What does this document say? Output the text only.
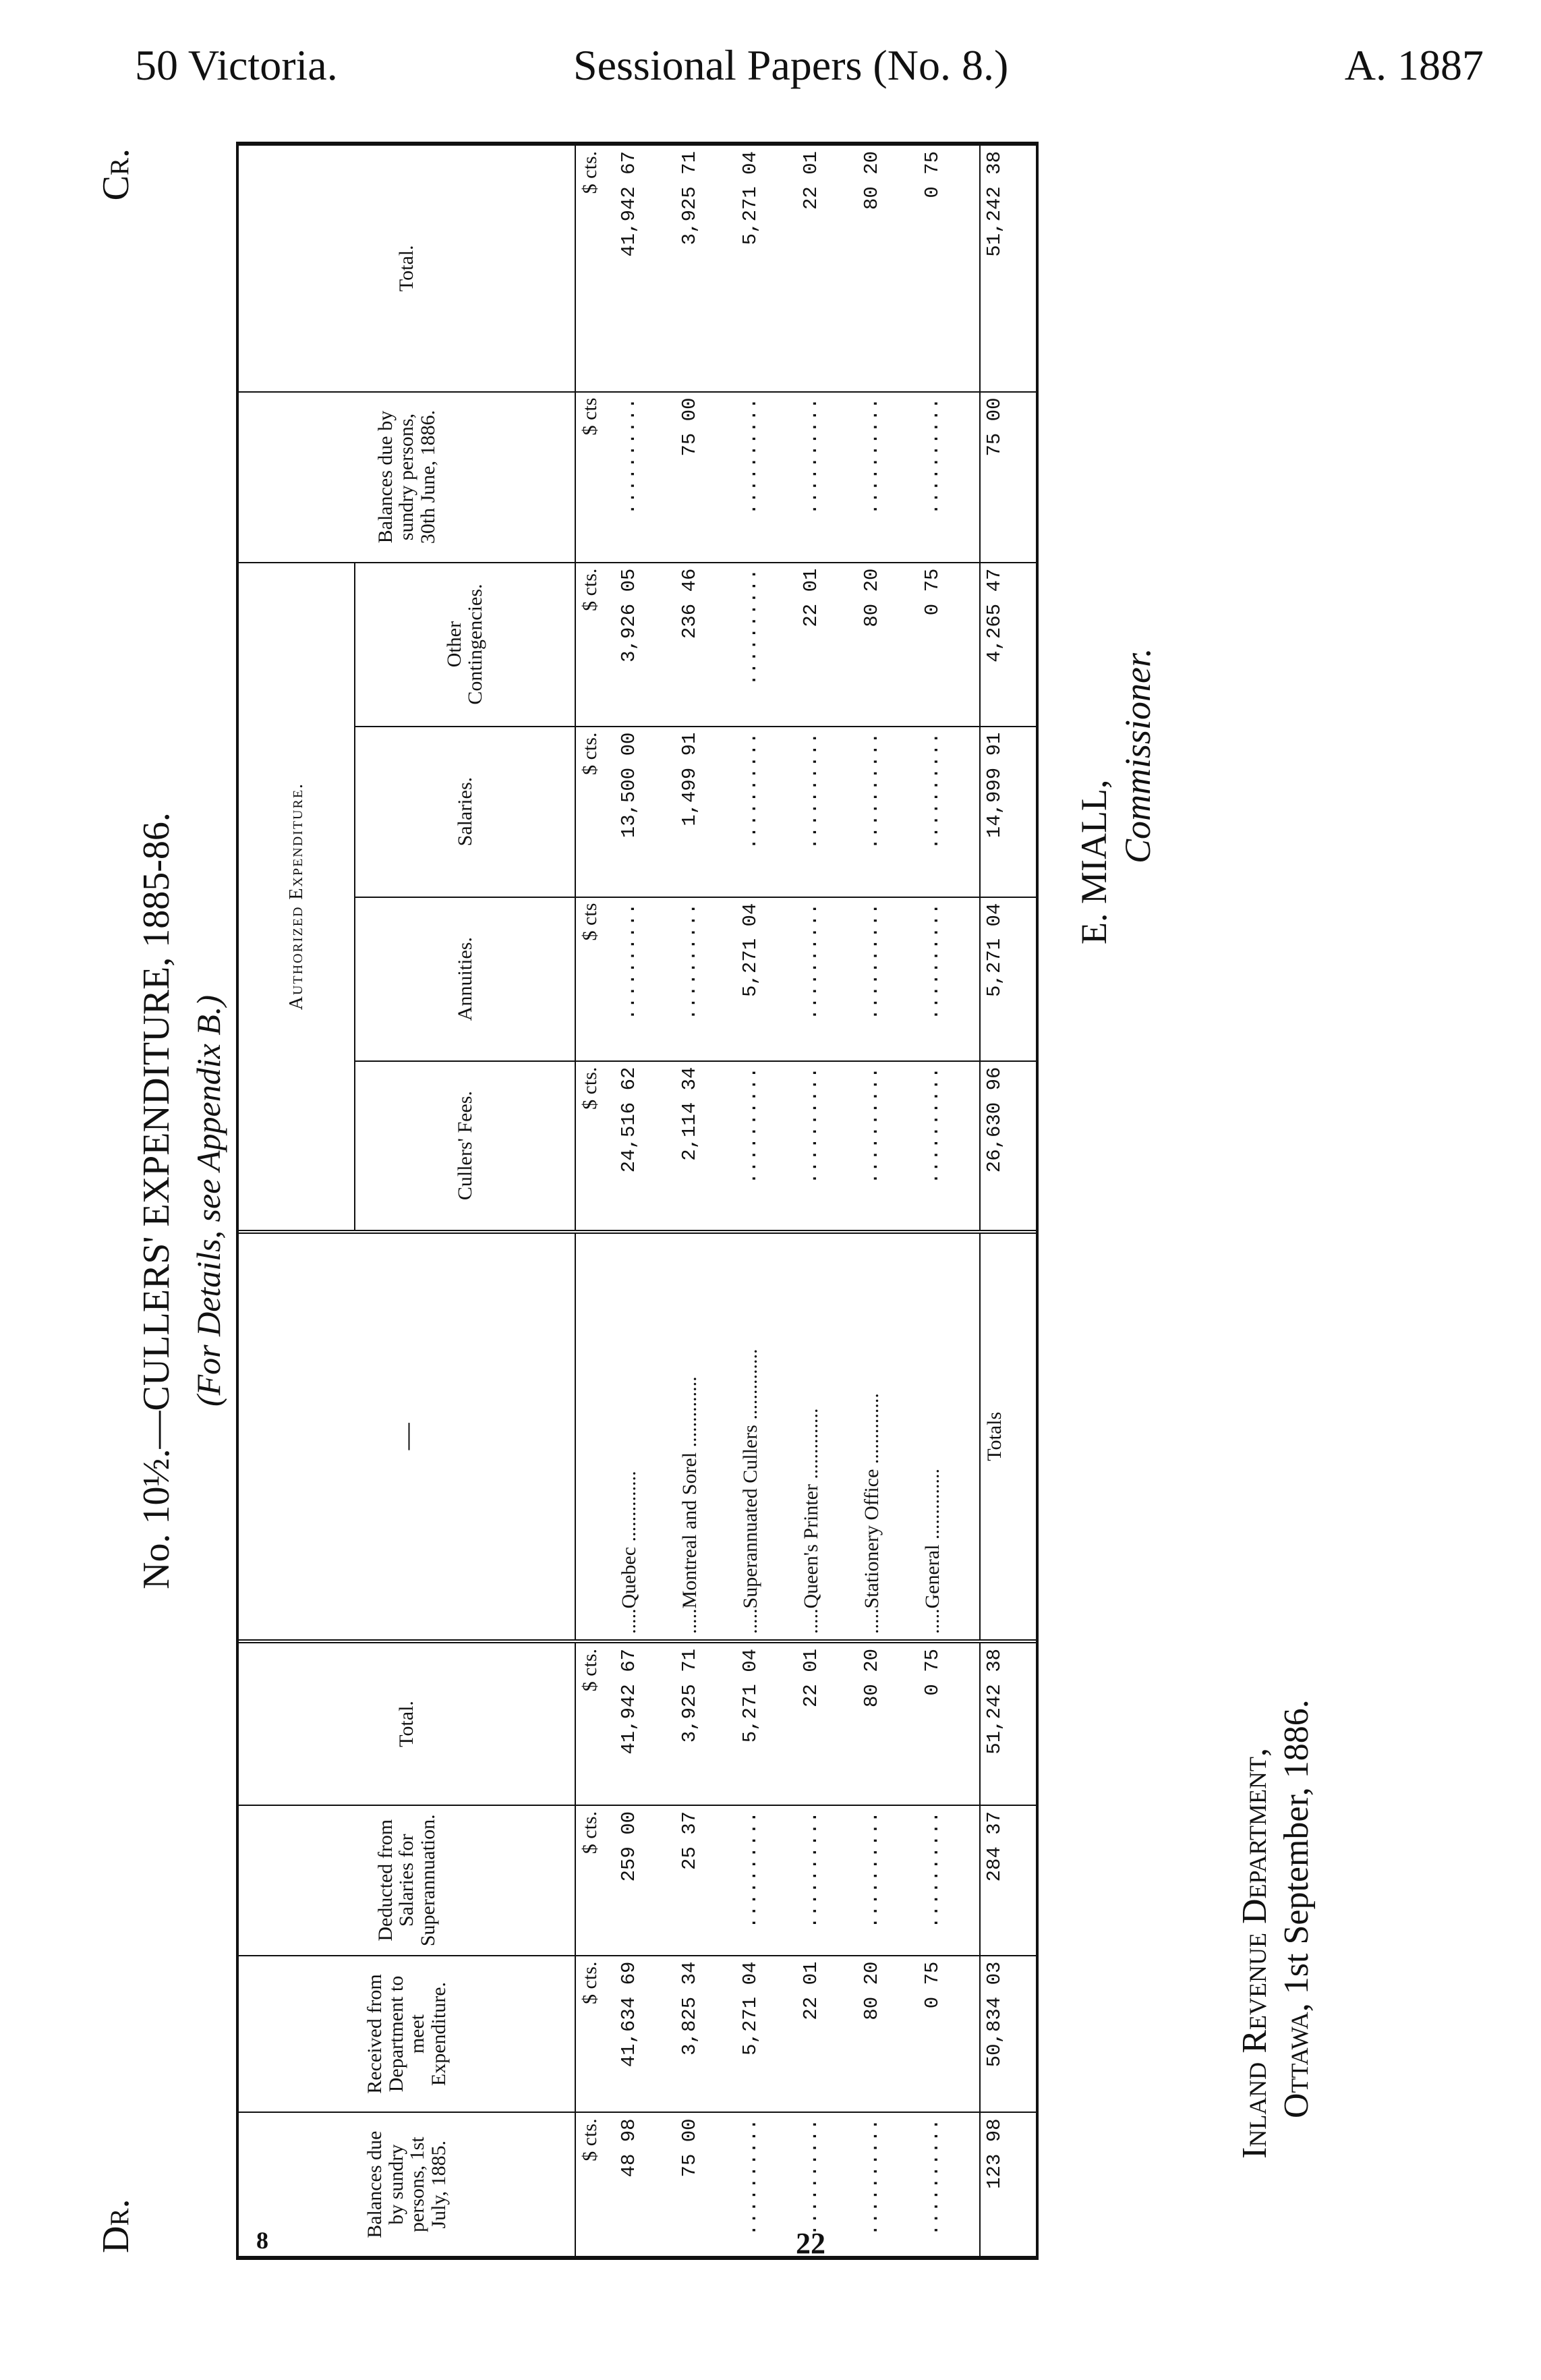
50 Victoria.	Sessional Papers (No. 8.)	A. 1887
Dr.
Cr.
No. 10½.—CULLERS' EXPENDITURE, 1885-86. (For Details, see Appendix B.)
Balances due by sundry persons, 1st July, 1885.	Received from Department to meet Expenditure.	Deducted from Salaries for Superannuation.	Total.	—	Authorized Expenditure.				Balances due by sundry persons, 30th June, 1886.	Total.
					Cullers' Fees.	Annuities.	Salaries.	Other Contingencies.		
$ cts.	$ cts.	$ cts.	$ cts.		$ cts.	$ cts	$ cts.	$ cts.	$ cts	$ cts.
48 98	41,634 69	259 00	41,942 67	.....Quebec ..............	24,516 62	..........	13,500 00	3,926 05	..........	41,942 67
75 00	3,825 34	25 37	3,925 71	.....Montreal and Sorel ..............	2,114 34	..........	1,499 91	236 46	75 00	3,925 71
..........	5,271 04	..........	5,271 04	.....Superannuated Cullers ..............	..........	5,271 04	..........	..........	..........	5,271 04
..........	22 01	..........	22 01	.....Queen's Printer ..............	..........	..........	..........	22 01	..........	22 01
..........	80 20	..........	80 20	.....Stationery Office ..............	..........	..........	..........	80 20	..........	80 20
..........	0 75	..........	0 75	.....General ..............	..........	..........	..........	0 75	..........	0 75
123 98	50,834 03	284 37	51,242 38	Totals	26,630 96	5,271 04	14,999 91	4,265 47	75 00	51,242 38
E. MIALL, Commissioner.
Inland Revenue Department, Ottawa, 1st September, 1886.
8	22
